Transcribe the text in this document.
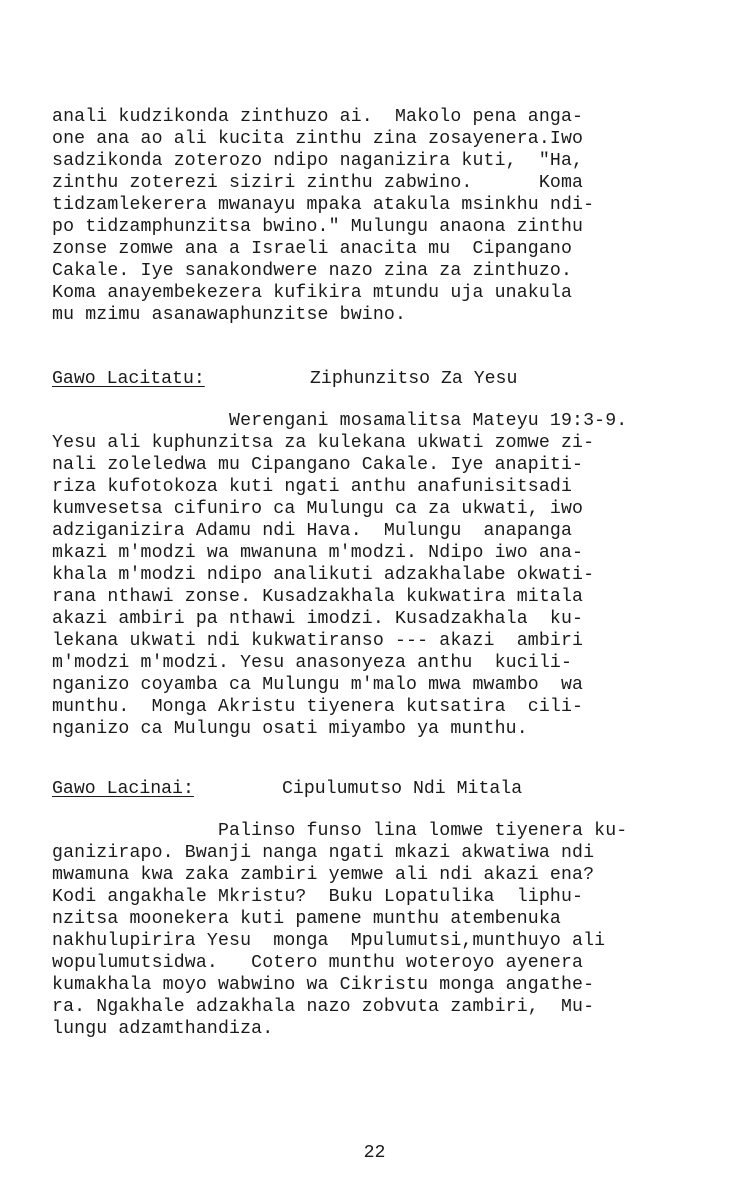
anali kudzikonda zinthuzo ai.  Makolo pena anga-
one ana ao ali kucita zinthu zina zosayenera.Iwo
sadzikonda zoterozo ndipo naganizira kuti,  "Ha,
zinthu zoterezi siziri zinthu zabwino.      Koma
tidzamlekerera mwanayu mpaka atakula msinkhu ndi-
po tidzamphunzitsa bwino." Mulungu anaona zinthu
zonse zomwe ana a Israeli anacita mu  Cipangano
Cakale. Iye sanakondwere nazo zina za zinthuzo.
Koma anayembekezera kufikira mtundu uja unakula
mu mzimu asanawaphunzitse bwino.
Gawo Lacitatu:	Ziphunzitso Za Yesu
Werengani mosamalitsa Mateyu 19:3-9.
Yesu ali kuphunzitsa za kulekana ukwati zomwe zi-
nali zoleledwa mu Cipangano Cakale. Iye anapiti-
riza kufotokoza kuti ngati anthu anafunisitsadi
kumvesetsa cifuniro ca Mulungu ca za ukwati, iwo
adziganizira Adamu ndi Hava.  Mulungu  anapanga
mkazi m'modzi wa mwanuna m'modzi. Ndipo iwo ana-
khala m'modzi ndipo analikuti adzakhalabe okwati-
rana nthawi zonse. Kusadzakhala kukwatira mitala
akazi ambiri pa nthawi imodzi. Kusadzakhala  ku-
lekana ukwati ndi kukwatiranso --- akazi  ambiri
m'modzi m'modzi. Yesu anasonyeza anthu  kucili-
nganizo coyamba ca Mulungu m'malo mwa mwambo  wa
munthu.  Monga Akristu tiyenera kutsatira  cili-
nganizo ca Mulungu osati miyambo ya munthu.
Gawo Lacinai:	Cipulumutso Ndi Mitala
Palinso funso lina lomwe tiyenera ku-
ganizirapo. Bwanji nanga ngati mkazi akwatiwa ndi
mwamuna kwa zaka zambiri yemwe ali ndi akazi ena?
Kodi angakhale Mkristu?  Buku Lopatulika  liphu-
nzitsa moonekera kuti pamene munthu atembenuka
nakhulupirira Yesu  monga  Mpulumutsi,munthuyo ali
wopulumutsidwa.   Cotero munthu woteroyo ayenera
kumakhala moyo wabwino wa Cikristu monga angathe-
ra. Ngakhale adzakhala nazo zobvuta zambiri,  Mu-
lungu adzamthandiza.
22
